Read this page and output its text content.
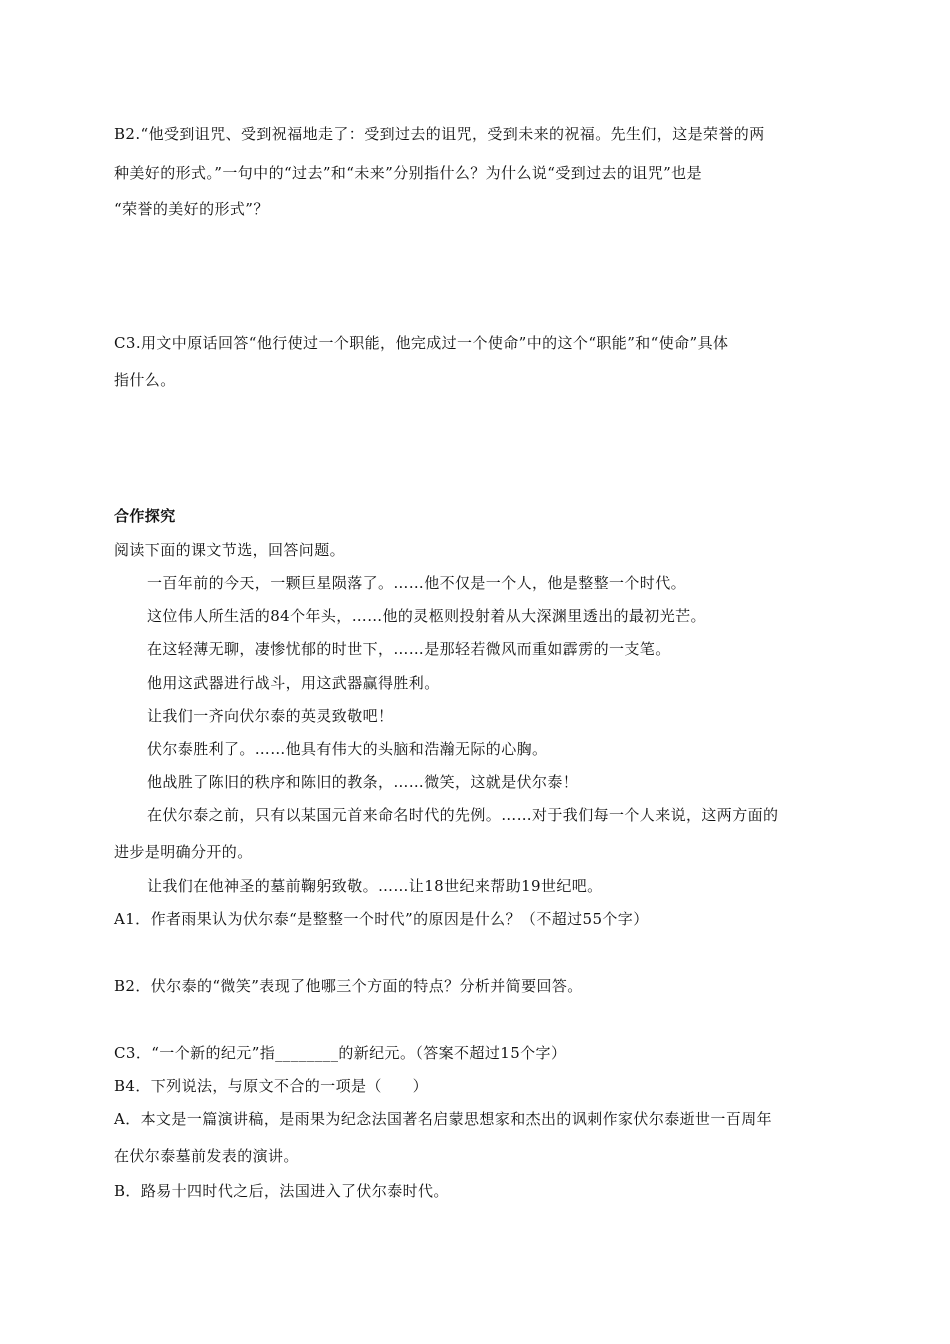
B2.“他受到诅咒、受到祝福地走了：受到过去的诅咒，受到未来的祝福。先生们，这是荣誉的两
种美好的形式。”一句中的“过去”和“未来”分别指什么？为什么说“受到过去的诅咒”也是
“荣誉的美好的形式”？
C3.用文中原话回答“他行使过一个职能，他完成过一个使命”中的这个“职能”和“使命”具体
指什么。
合作探究
阅读下面的课文节选，回答问题。
一百年前的今天，一颗巨星陨落了。……他不仅是一个人，他是整整一个时代。
这位伟人所生活的84个年头，……他的灵柩则投射着从大深渊里透出的最初光芒。
在这轻薄无聊，凄惨忧郁的时世下，……是那轻若微风而重如霹雳的一支笔。
他用这武器进行战斗，用这武器赢得胜利。
让我们一齐向伏尔泰的英灵致敬吧！
伏尔泰胜利了。……他具有伟大的头脑和浩瀚无际的心胸。
他战胜了陈旧的秩序和陈旧的教条，……微笑，这就是伏尔泰！
在伏尔泰之前，只有以某国元首来命名时代的先例。……对于我们每一个人来说，这两方面的
进步是明确分开的。
让我们在他神圣的墓前鞠躬致敬。……让18世纪来帮助19世纪吧。
A1．作者雨果认为伏尔泰“是整整一个时代”的原因是什么？（不超过55个字）
B2．伏尔泰的“微笑”表现了他哪三个方面的特点？分析并简要回答。
C3．“一个新的纪元”指________的新纪元。（答案不超过15个字）
B4．下列说法，与原文不合的一项是（　　）
A．本文是一篇演讲稿，是雨果为纪念法国著名启蒙思想家和杰出的讽刺作家伏尔泰逝世一百周年
在伏尔泰墓前发表的演讲。
B．路易十四时代之后，法国进入了伏尔泰时代。
